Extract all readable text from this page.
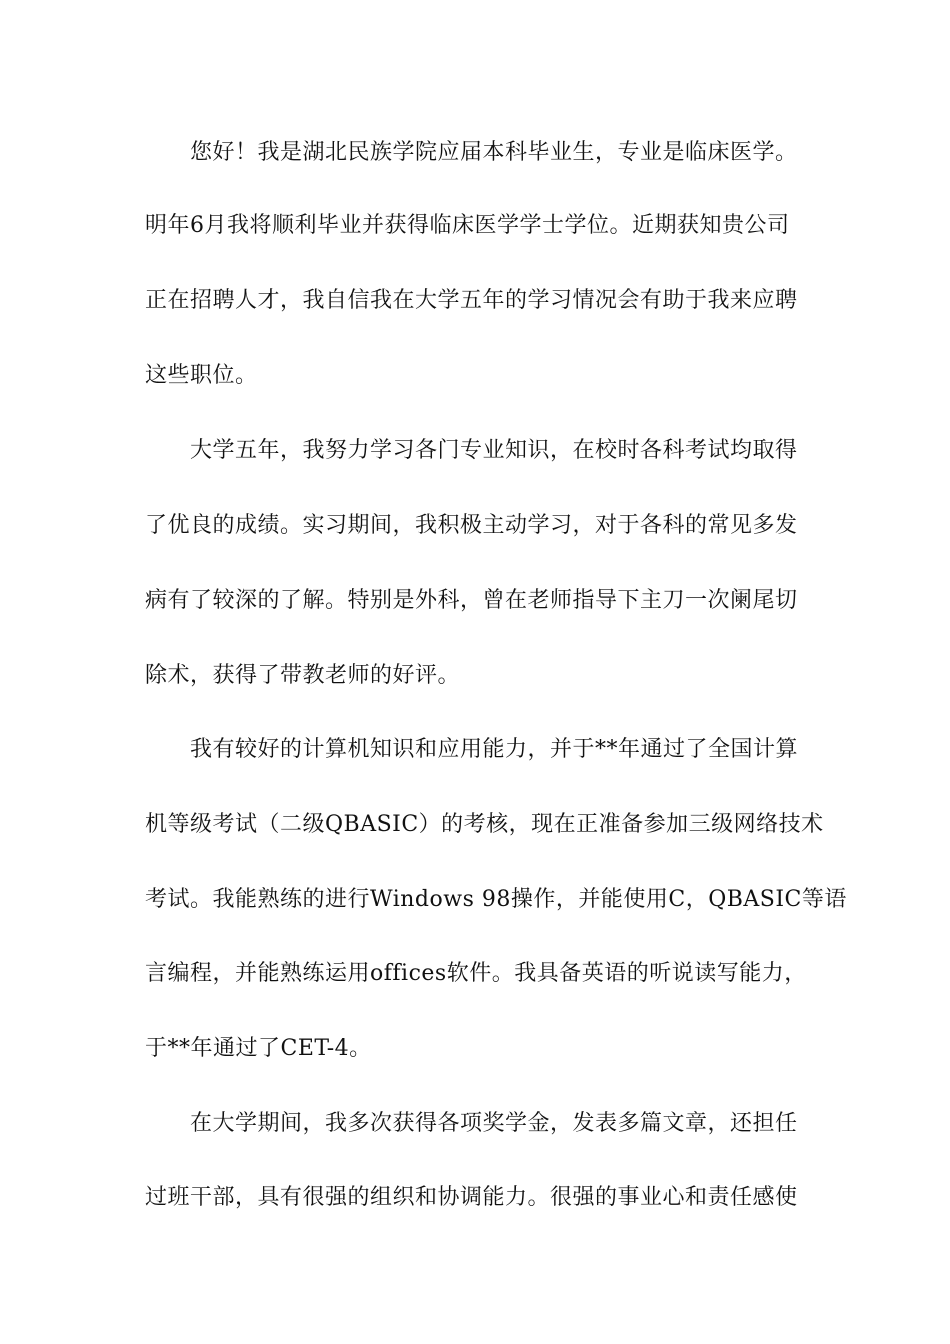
您好！我是湖北民族学院应届本科毕业生，专业是临床医学。
明年6月我将顺利毕业并获得临床医学学士学位。近期获知贵公司
正在招聘人才，我自信我在大学五年的学习情况会有助于我来应聘
这些职位。
大学五年，我努力学习各门专业知识，在校时各科考试均取得
了优良的成绩。实习期间，我积极主动学习，对于各科的常见多发
病有了较深的了解。特别是外科，曾在老师指导下主刀一次阑尾切
除术，获得了带教老师的好评。
我有较好的计算机知识和应用能力，并于**年通过了全国计算
机等级考试（二级QBASIC）的考核，现在正准备参加三级网络技术
考试。我能熟练的进行Windows 98操作，并能使用C，QBASIC等语
言编程，并能熟练运用offices软件。我具备英语的听说读写能力，
于**年通过了CET-4。
在大学期间，我多次获得各项奖学金，发表多篇文章，还担任
过班干部，具有很强的组织和协调能力。很强的事业心和责任感使
